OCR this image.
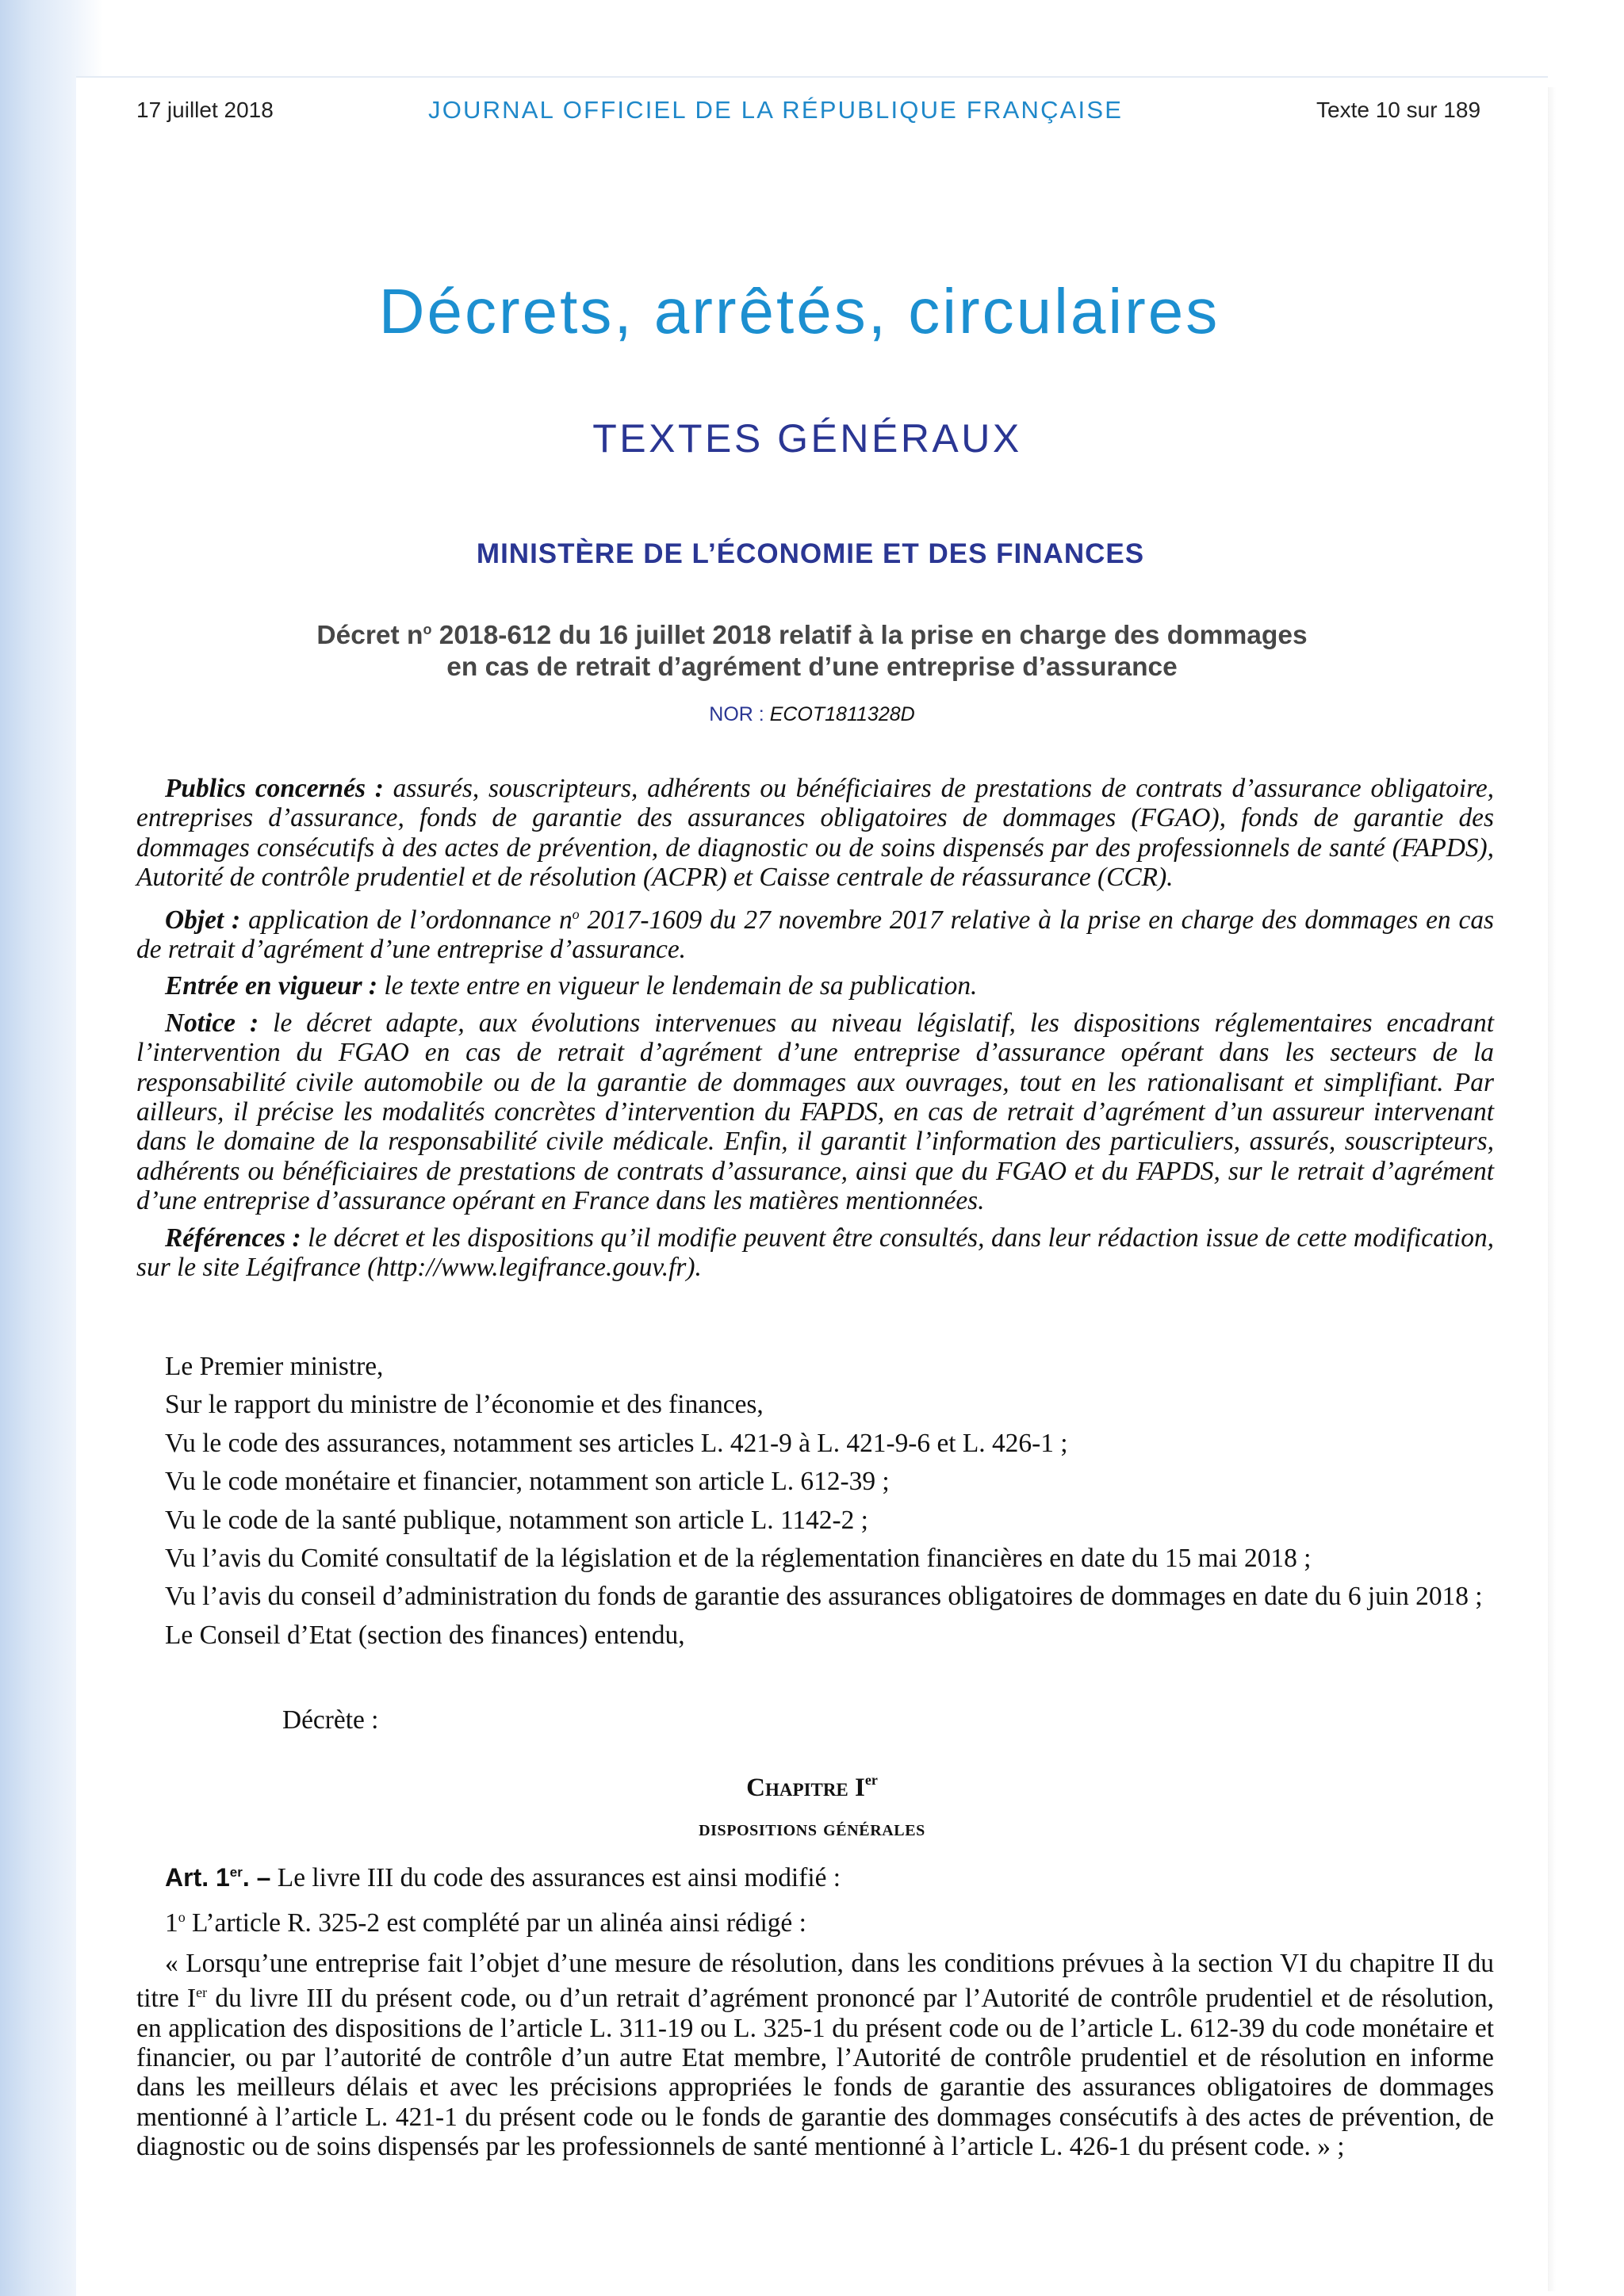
17 juillet 2018	JOURNAL OFFICIEL DE LA RÉPUBLIQUE FRANÇAISE	Texte 10 sur 189
Décrets, arrêtés, circulaires
TEXTES GÉNÉRAUX
MINISTÈRE DE L’ÉCONOMIE ET DES FINANCES
Décret $n^o$ 2018-612 du 16 juillet 2018 relatif à la prise en charge des dommages
en cas de retrait d’agrément d’une entreprise d’assurance
NOR : ECOT1811328D

Publics concernés : assurés, souscripteurs, adhérents ou bénéficiaires de prestations de contrats d’assurance obligatoire, entreprises d’assurance, fonds de garantie des assurances obligatoires de dommages (FGAO), fonds de garantie des dommages consécutifs à des actes de prévention, de diagnostic ou de soins dispensés par des professionnels de santé (FAPDS), Autorité de contrôle prudentiel et de résolution (ACPR) et Caisse centrale de réassurance (CCR).

Objet : application de l’ordonnance $n^o$ 2017-1609 du 27 novembre 2017 relative à la prise en charge des dommages en cas de retrait d’agrément d’une entreprise d’assurance.

Entrée en vigueur : le texte entre en vigueur le lendemain de sa publication.

Notice : le décret adapte, aux évolutions intervenues au niveau législatif, les dispositions réglementaires encadrant l’intervention du FGAO en cas de retrait d’agrément d’une entreprise d’assurance opérant dans les secteurs de la responsabilité civile automobile ou de la garantie de dommages aux ouvrages, tout en les rationalisant et simplifiant. Par ailleurs, il précise les modalités concrètes d’intervention du FAPDS, en cas de retrait d’agrément d’un assureur intervenant dans le domaine de la responsabilité civile médicale. Enfin, il garantit l’information des particuliers, assurés, souscripteurs, adhérents ou bénéficiaires de prestations de contrats d’assurance, ainsi que du FGAO et du FAPDS, sur le retrait d’agrément d’une entreprise d’assurance opérant en France dans les matières mentionnées.

Références : le décret et les dispositions qu’il modifie peuvent être consultés, dans leur rédaction issue de cette modification, sur le site Légifrance (http://www.legifrance.gouv.fr).

Le Premier ministre,

Sur le rapport du ministre de l’économie et des finances,

Vu le code des assurances, notamment ses articles L. 421-9 à L. 421-9-6 et L. 426-1 ;

Vu le code monétaire et financier, notamment son article L. 612-39 ;

Vu le code de la santé publique, notamment son article L. 1142-2 ;

Vu l’avis du Comité consultatif de la législation et de la réglementation financières en date du 15 mai 2018 ;

Vu l’avis du conseil d’administration du fonds de garantie des assurances obligatoires de dommages en date du 6 juin 2018 ;

Le Conseil d’Etat (section des finances) entendu,

Décrète :
Chapitre Ier
dispositions générales

Art. 1er. – Le livre III du code des assurances est ainsi modifié :

1$^o$ L’article R. 325-2 est complété par un alinéa ainsi rédigé :

« Lorsqu’une entreprise fait l’objet d’une mesure de résolution, dans les conditions prévues à la section VI du chapitre II du titre Ier du livre III du présent code, ou d’un retrait d’agrément prononcé par l’Autorité de contrôle prudentiel et de résolution, en application des dispositions de l’article L. 311-19 ou L. 325-1 du présent code ou de l’article L. 612-39 du code monétaire et financier, ou par l’autorité de contrôle d’un autre Etat membre, l’Autorité de contrôle prudentiel et de résolution en informe dans les meilleurs délais et avec les précisions appropriées le fonds de garantie des assurances obligatoires de dommages mentionné à l’article L. 421-1 du présent code ou le fonds de garantie des dommages consécutifs à des actes de prévention, de diagnostic ou de soins dispensés par les professionnels de santé mentionné à l’article L. 426-1 du présent code. » ;
